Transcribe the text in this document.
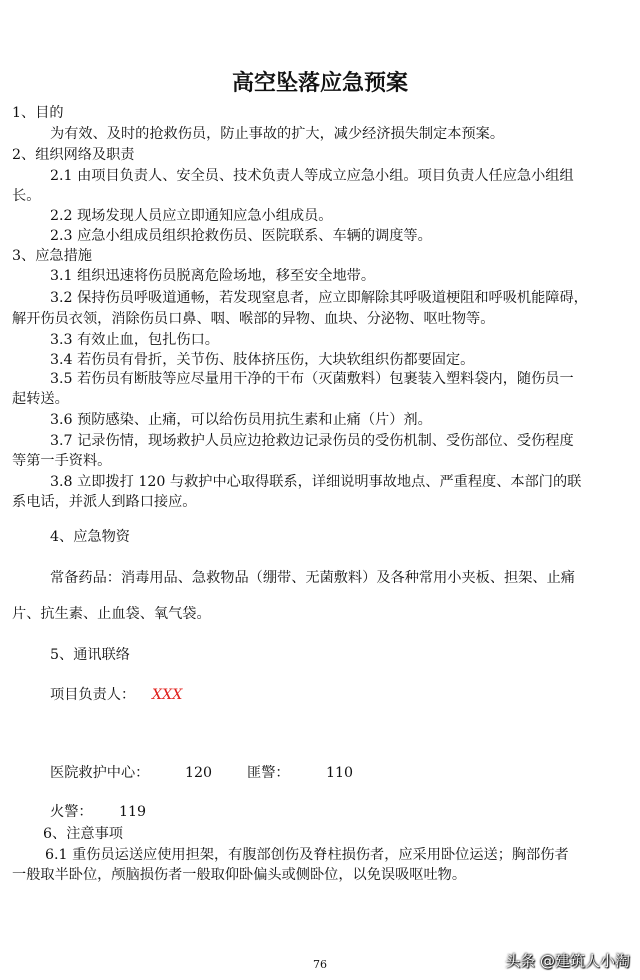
高空坠落应急预案
1、目的
为有效、及时的抢救伤员，防止事故的扩大，减少经济损失制定本预案。
2、组织网络及职责
2.1 由项目负责人、安全员、技术负责人等成立应急小组。项目负责人任应急小组组
长。
2.2 现场发现人员应立即通知应急小组成员。
2.3 应急小组成员组织抢救伤员、医院联系、车辆的调度等。
3、应急措施
3.1 组织迅速将伤员脱离危险场地，移至安全地带。
3.2 保持伤员呼吸道通畅，若发现窒息者，应立即解除其呼吸道梗阻和呼吸机能障碍，
解开伤员衣领，消除伤员口鼻、咽、喉部的异物、血块、分泌物、呕吐物等。
3.3 有效止血，包扎伤口。
3.4 若伤员有骨折，关节伤、肢体挤压伤，大块软组织伤都要固定。
3.5 若伤员有断肢等应尽量用干净的干布（灭菌敷料）包裹装入塑料袋内，随伤员一
起转送。
3.6 预防感染、止痛，可以给伤员用抗生素和止痛（片）剂。
3.7 记录伤情，现场救护人员应边抢救边记录伤员的受伤机制、受伤部位、受伤程度
等第一手资料。
3.8 立即拨打 120 与救护中心取得联系，详细说明事故地点、严重程度、本部门的联
系电话，并派人到路口接应。
4、应急物资
常备药品：消毒用品、急救物品（绷带、无菌敷料）及各种常用小夹板、担架、止痛
片、抗生素、止血袋、氧气袋。
5、通讯联络
项目负责人： XXX
医院救护中心：	120 匪警：	110
火警： 119
6、注意事项
6.1 重伤员运送应使用担架，有腹部创伤及脊柱损伤者，应采用卧位运送；胸部伤者
一般取半卧位，颅脑损伤者一般取仰卧偏头或侧卧位，以免误吸呕吐物。
76	头条 @建筑人小淘
